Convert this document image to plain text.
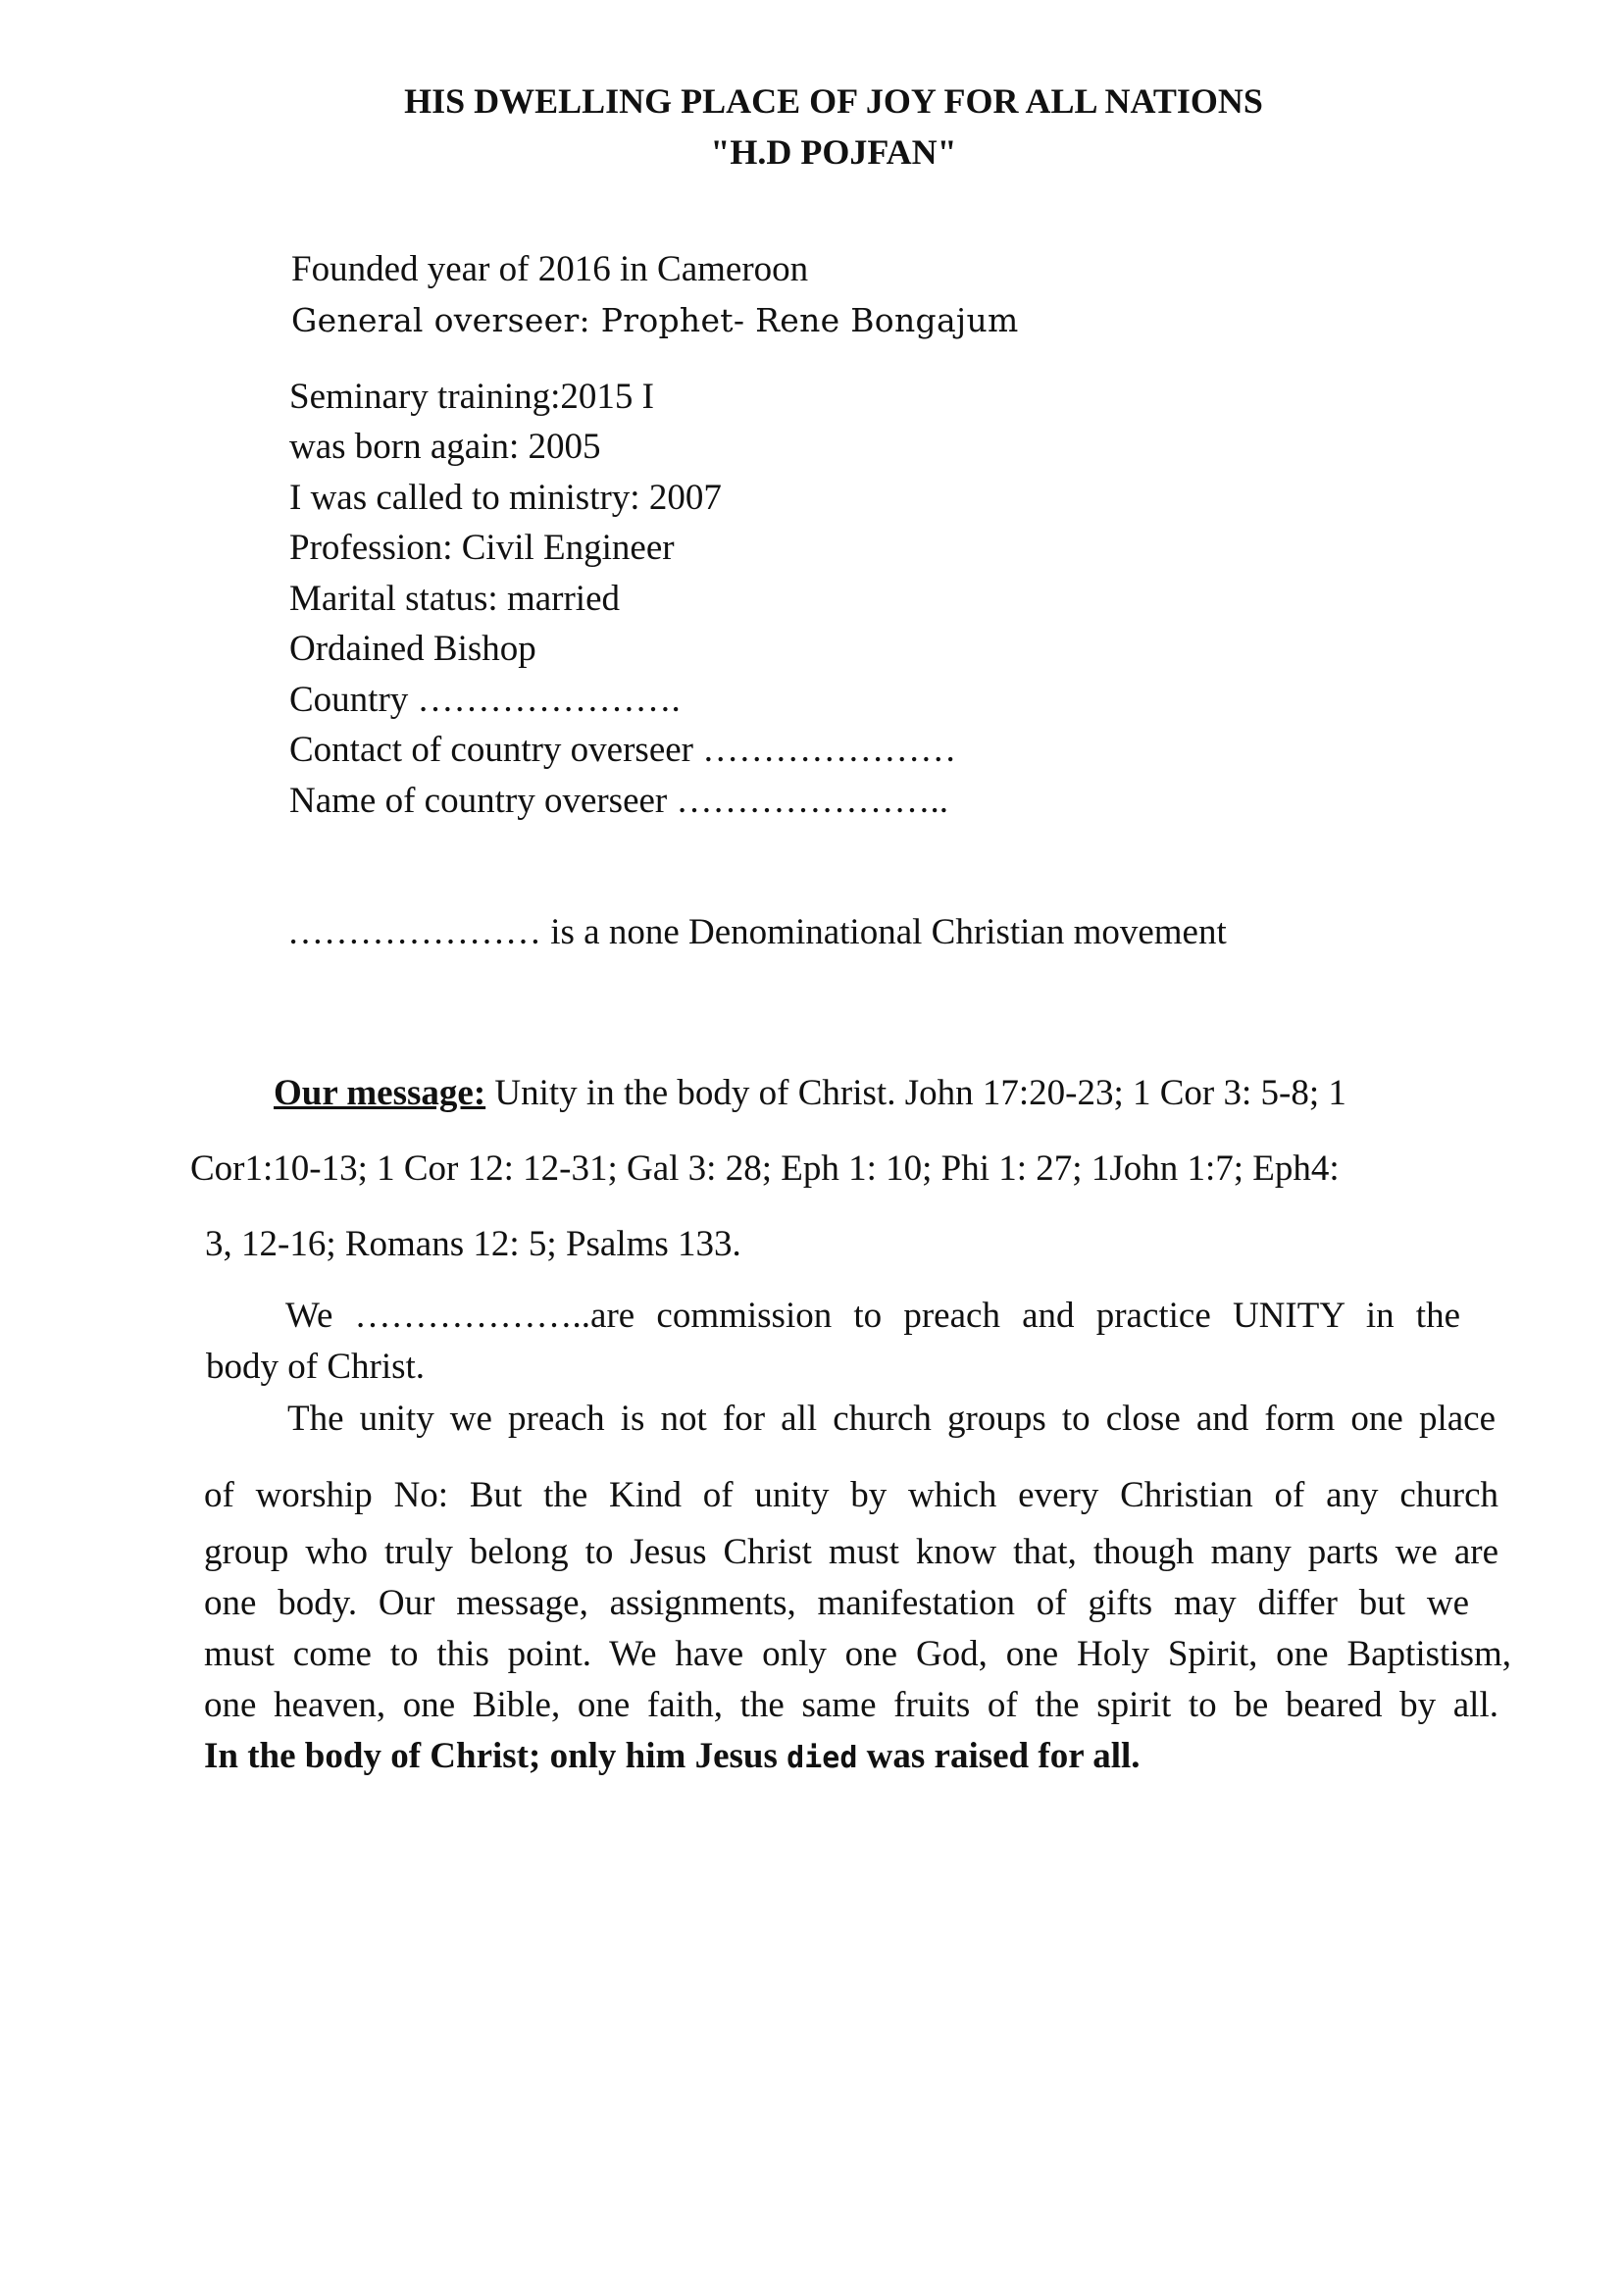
HIS DWELLING PLACE OF JOY FOR ALL NATIONS
"H.D POJFAN"
Founded year of 2016 in Cameroon
General overseer: Prophet- Rene Bongajum
Seminary training:2015 I
was born again: 2005
I was called to ministry: 2007
Profession: Civil Engineer
Marital status: married
Ordained Bishop
Country ………………….
Contact of country overseer …………………
Name of country overseer …………………..
………………… is a none Denominational Christian movement
Our message: Unity in the body of Christ. John 17:20-23; 1 Cor 3: 5-8; 1
Cor1:10-13; 1 Cor 12: 12-31; Gal 3: 28; Eph 1: 10; Phi 1: 27; 1John 1:7; Eph4:
3, 12-16; Romans 12: 5; Psalms 133.
We ………………..are commission to preach and practice UNITY in the
body of Christ.
The unity we preach is not for all church groups to close and form one place
of worship No: But the Kind of unity by which every Christian of any church
group who truly belong to Jesus Christ must know that, though many parts we are
one body. Our message, assignments, manifestation of gifts may differ but we
must come to this point. We have only one God, one Holy Spirit, one Baptistism,
one heaven, one Bible, one faith, the same fruits of the spirit to be beared by all.
In the body of Christ; only him Jesus died was raised for all.
